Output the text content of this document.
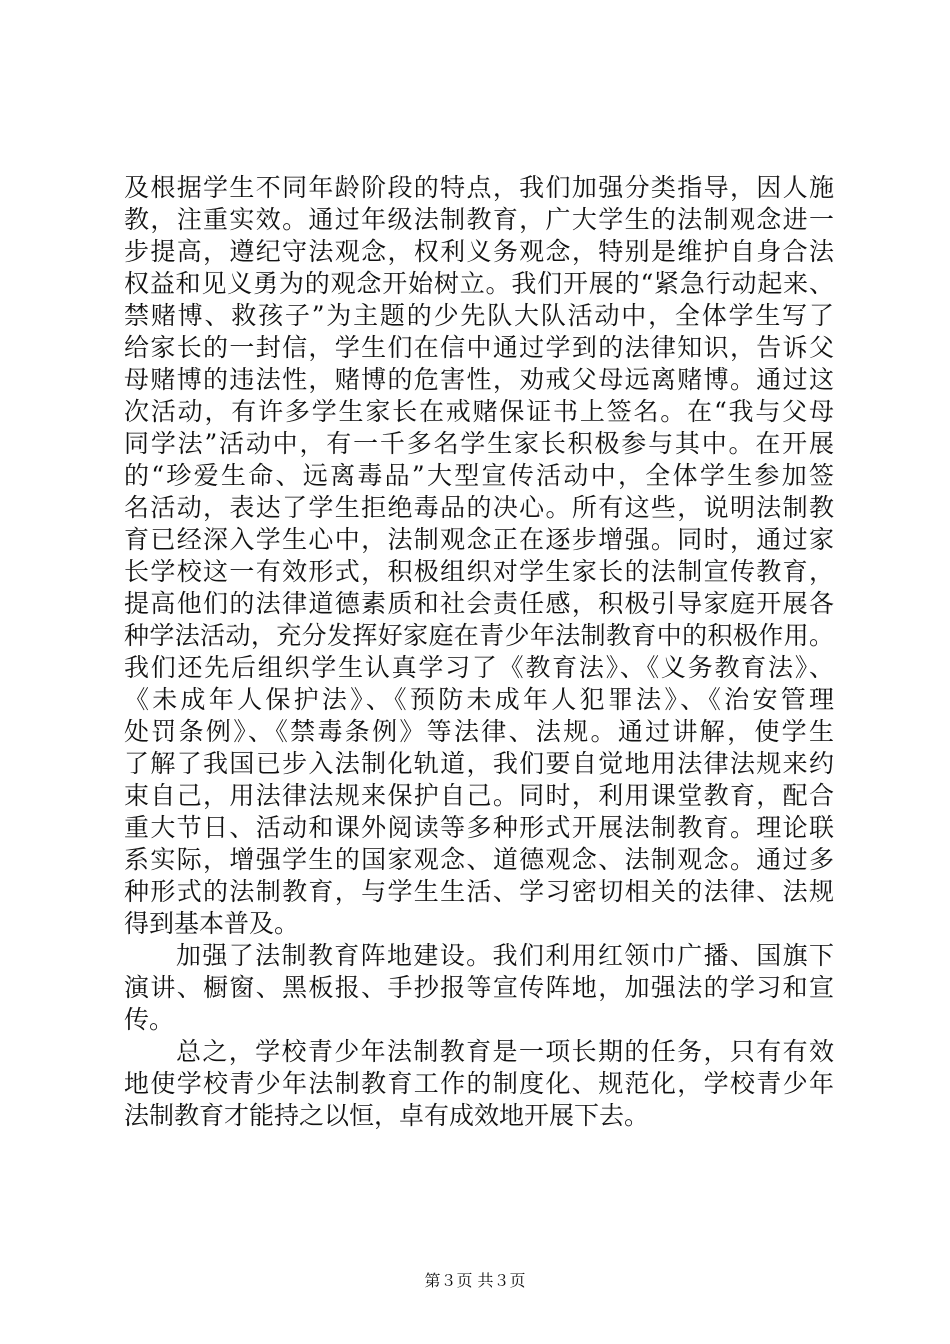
及根据学生不同年龄阶段的特点，我们加强分类指导，因人施
教，注重实效。通过年级法制教育，广大学生的法制观念进一
步提高，遵纪守法观念，权利义务观念，特别是维护自身合法
权益和见义勇为的观念开始树立。我们开展的“紧急行动起来、
禁赌博、救孩子”为主题的少先队大队活动中，全体学生写了
给家长的一封信，学生们在信中通过学到的法律知识，告诉父
母赌博的违法性，赌博的危害性，劝戒父母远离赌博。通过这
次活动，有许多学生家长在戒赌保证书上签名。在“我与父母
同学法”活动中，有一千多名学生家长积极参与其中。在开展
的“珍爱生命、远离毒品”大型宣传活动中，全体学生参加签
名活动，表达了学生拒绝毒品的决心。所有这些，说明法制教
育已经深入学生心中，法制观念正在逐步增强。同时，通过家
长学校这一有效形式，积极组织对学生家长的法制宣传教育，
提高他们的法律道德素质和社会责任感，积极引导家庭开展各
种学法活动，充分发挥好家庭在青少年法制教育中的积极作用。
我们还先后组织学生认真学习了《教育法》、《义务教育法》、
《未成年人保护法》、《预防未成年人犯罪法》、《治安管理
处罚条例》、《禁毒条例》等法律、法规。通过讲解，使学生
了解了我国已步入法制化轨道，我们要自觉地用法律法规来约
束自己，用法律法规来保护自己。同时，利用课堂教育，配合
重大节日、活动和课外阅读等多种形式开展法制教育。理论联
系实际，增强学生的国家观念、道德观念、法制观念。通过多
种形式的法制教育，与学生生活、学习密切相关的法律、法规
得到基本普及。
加强了法制教育阵地建设。我们利用红领巾广播、国旗下
演讲、橱窗、黑板报、手抄报等宣传阵地，加强法的学习和宣
传。
总之，学校青少年法制教育是一项长期的任务，只有有效
地使学校青少年法制教育工作的制度化、规范化，学校青少年
法制教育才能持之以恒，卓有成效地开展下去。
第３页 共３页
